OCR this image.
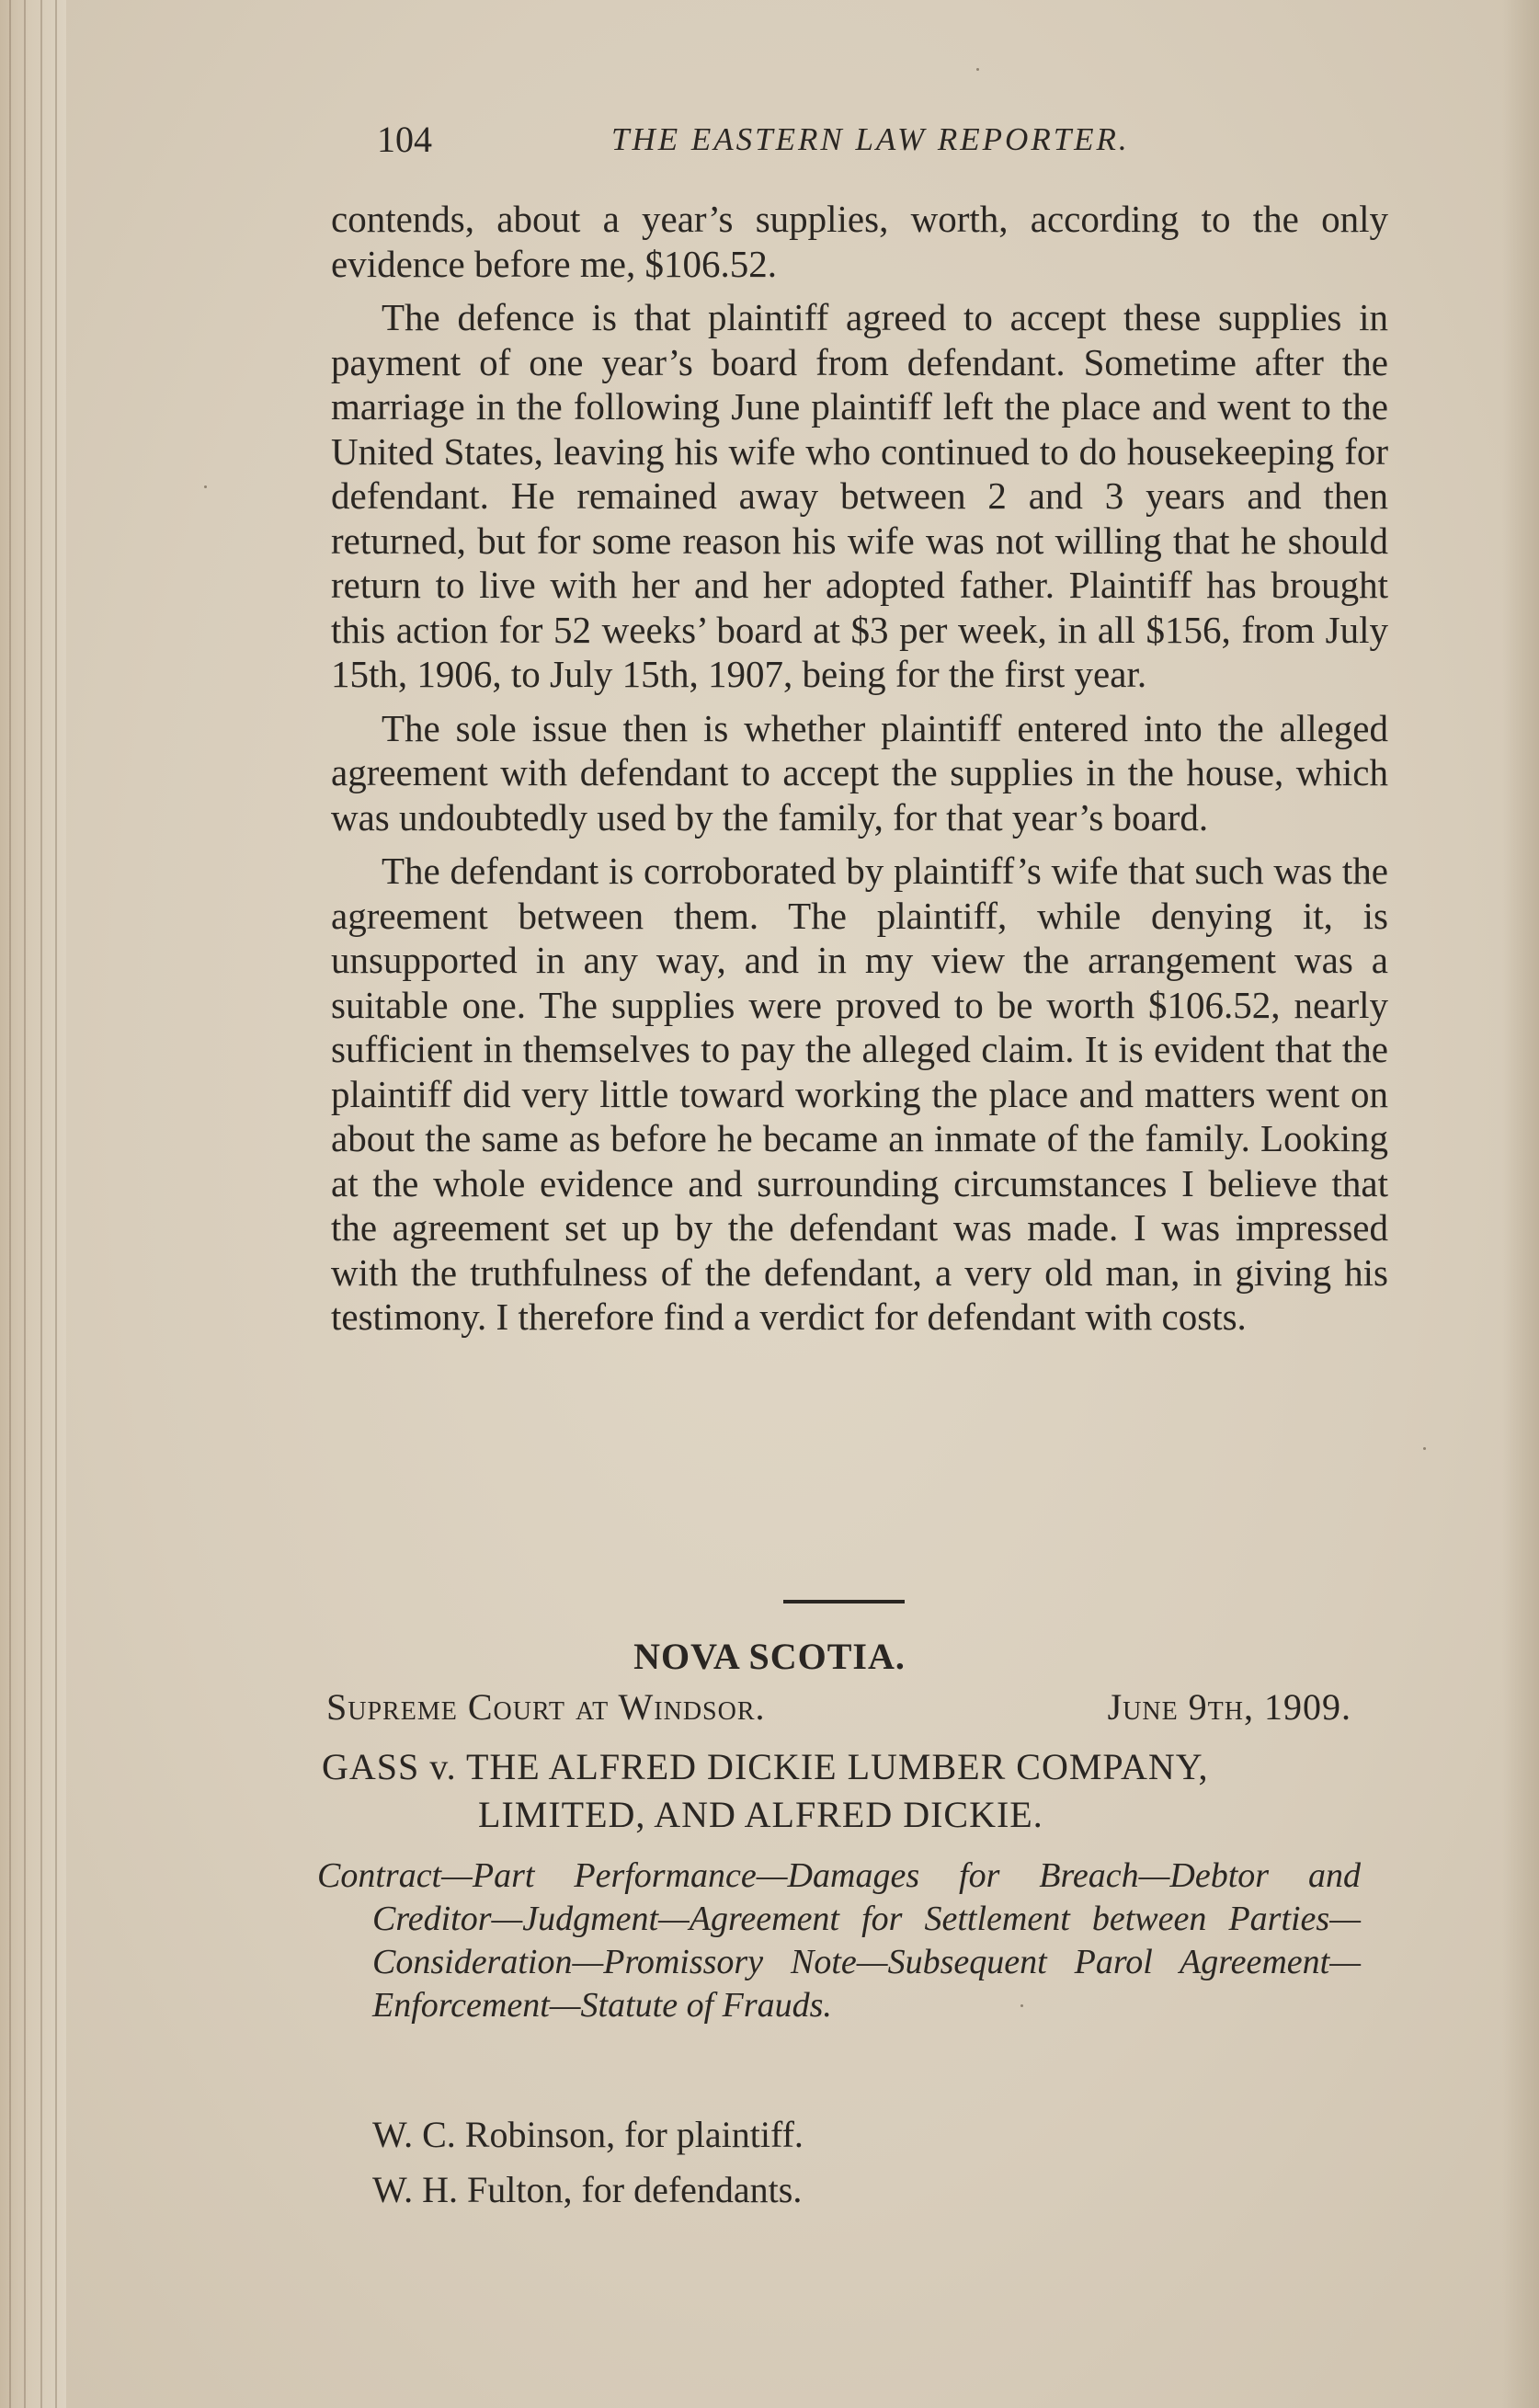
104	THE EASTERN LAW REPORTER.

contends, about a year’s supplies, worth, according to the only evidence before me, $106.52.

The defence is that plaintiff agreed to accept these supplies in payment of one year’s board from defendant. Sometime after the marriage in the following June plaintiff left the place and went to the United States, leaving his wife who continued to do housekeeping for defendant. He remained away between 2 and 3 years and then returned, but for some reason his wife was not willing that he should return to live with her and her adopted father. Plaintiff has brought this action for 52 weeks’ board at $3 per week, in all $156, from July 15th, 1906, to July 15th, 1907, being for the first year.

The sole issue then is whether plaintiff entered into the alleged agreement with defendant to accept the supplies in the house, which was undoubtedly used by the family, for that year’s board.

The defendant is corroborated by plaintiff’s wife that such was the agreement between them. The plaintiff, while denying it, is unsupported in any way, and in my view the arrangement was a suitable one. The supplies were proved to be worth $106.52, nearly sufficient in themselves to pay the alleged claim. It is evident that the plaintiff did very little toward working the place and matters went on about the same as before he became an inmate of the family. Looking at the whole evidence and surrounding circumstances I believe that the agreement set up by the defendant was made. I was impressed with the truthfulness of the defendant, a very old man, in giving his testimony. I therefore find a verdict for defendant with costs.

NOVA SCOTIA.
Supreme Court at Windsor.	June 9th, 1909.
GASS v. THE ALFRED DICKIE LUMBER COMPANY,
LIMITED, AND ALFRED DICKIE.

Contract—Part Performance—Damages for Breach—Debtor and Creditor—Judgment—Agreement for Settlement between Parties—Consideration—Promissory Note—Subsequent Parol Agreement—Enforcement—Statute of Frauds.

W. C. Robinson, for plaintiff.
W. H. Fulton, for defendants.
